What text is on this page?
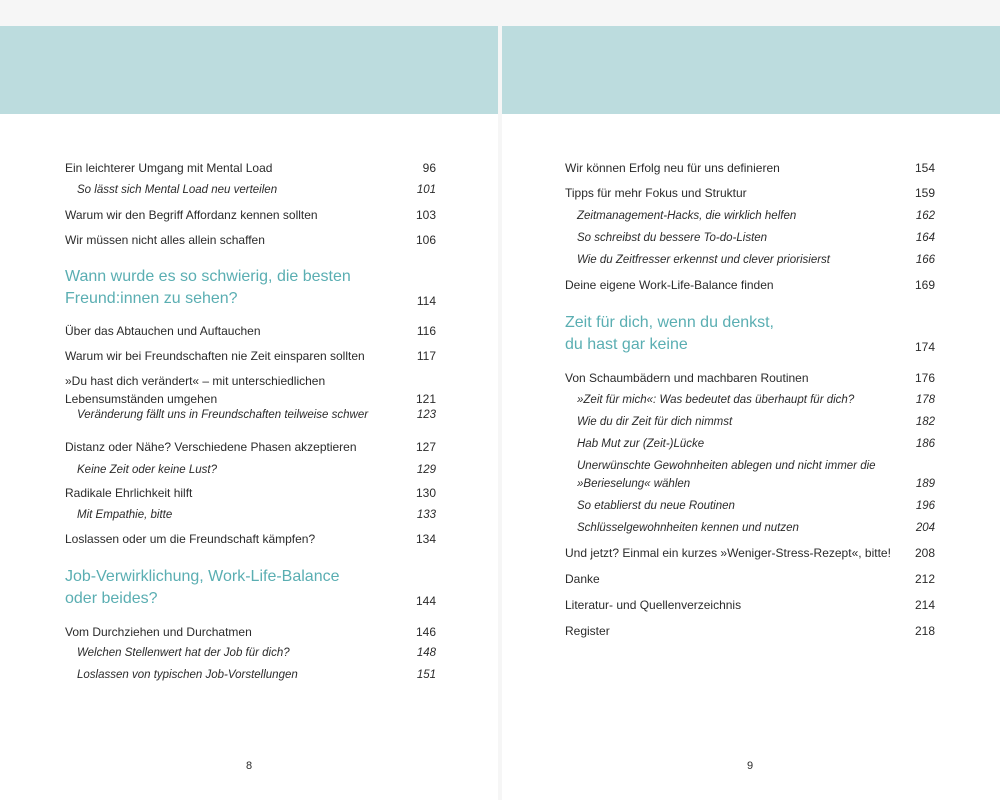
Ein leichterer Umgang mit Mental Load	96
So lässt sich Mental Load neu verteilen	101
Warum wir den Begriff Affordanz kennen sollten	103
Wir müssen nicht alles allein schaffen	106
Wann wurde es so schwierig, die besten
Freund:innen zu sehen?	114
Über das Abtauchen und Auftauchen	116
Warum wir bei Freundschaften nie Zeit einsparen sollten	117
»Du hast dich verändert« – mit unterschiedlichen
Lebensumständen umgehen	121
Veränderung fällt uns in Freundschaften teilweise schwer	123
Distanz oder Nähe? Verschiedene Phasen akzeptieren	127
Keine Zeit oder keine Lust?	129
Radikale Ehrlichkeit hilft	130
Mit Empathie, bitte	133
Loslassen oder um die Freundschaft kämpfen?	134
Job-Verwirklichung, Work-Life-Balance
oder beides?	144
Vom Durchziehen und Durchatmen	146
Welchen Stellenwert hat der Job für dich?	148
Loslassen von typischen Job-Vorstellungen	151
8
Wir können Erfolg neu für uns definieren	154
Tipps für mehr Fokus und Struktur	159
Zeitmanagement-Hacks, die wirklich helfen	162
So schreibst du bessere To-do-Listen	164
Wie du Zeitfresser erkennst und clever priorisierst	166
Deine eigene Work-Life-Balance finden	169
Zeit für dich, wenn du denkst,
du hast gar keine	174
Von Schaumbädern und machbaren Routinen	176
»Zeit für mich«: Was bedeutet das überhaupt für dich?	178
Wie du dir Zeit für dich nimmst	182
Hab Mut zur (Zeit-)Lücke	186
Unerwünschte Gewohnheiten ablegen und nicht immer die
»Berieselung« wählen	189
So etablierst du neue Routinen	196
Schlüsselgewohnheiten kennen und nutzen	204
Und jetzt? Einmal ein kurzes »Weniger-Stress-Rezept«, bitte!	208
Danke	212
Literatur- und Quellenverzeichnis	214
Register	218
9
